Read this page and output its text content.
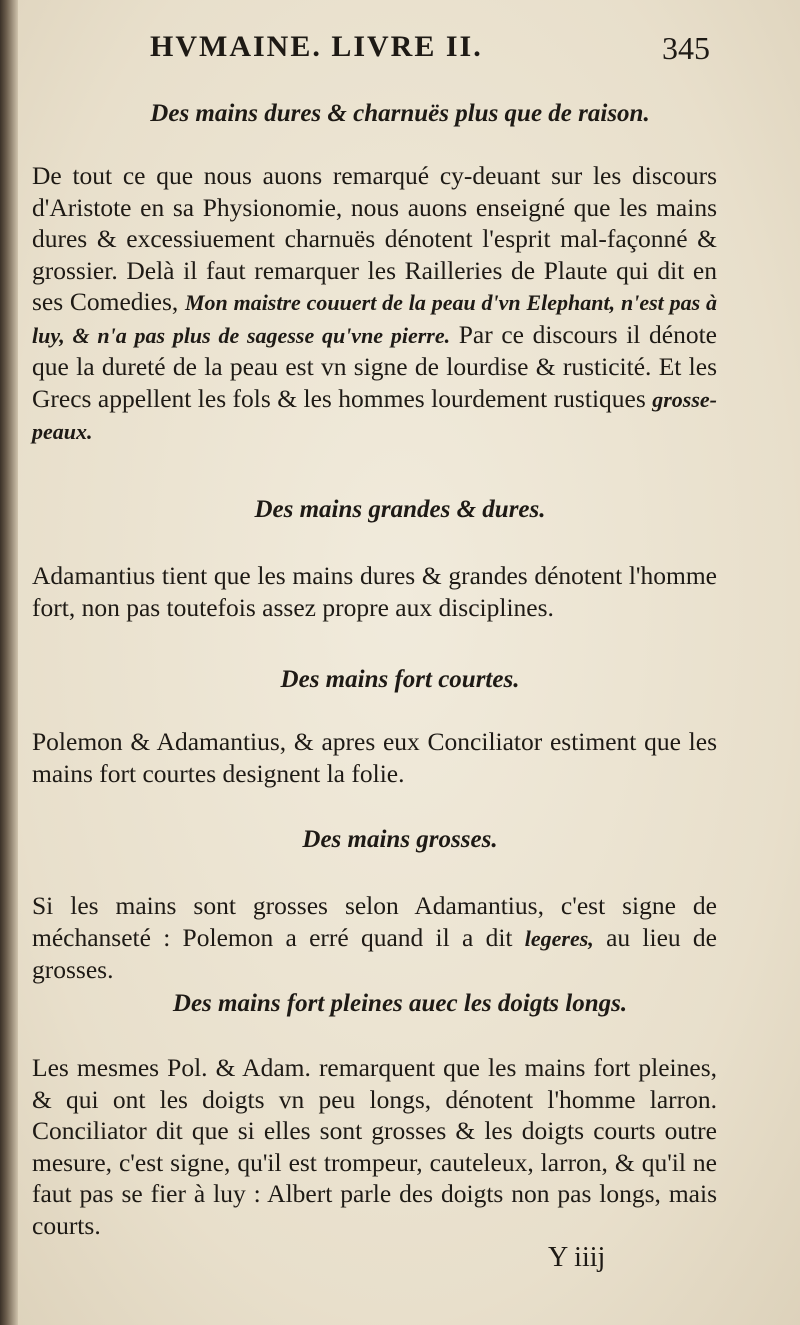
HVMAINE. LIVRE II.	345
Des mains dures & charnuës plus que de raison.
De tout ce que nous auons remarqué cy-deuant sur les discours d'Aristote en sa Physionomie, nous auons enseigné que les mains dures & excessiuement charnuës dénotent l'esprit mal-façonné & grossier. Delà il faut remarquer les Railleries de Plaute qui dit en ses Comedies, Mon maistre couuert de la peau d'vn Elephant, n'est pas à luy, & n'a pas plus de sagesse qu'vne pierre. Par ce discours il dénote que la dureté de la peau est vn signe de lourdise & rusticité. Et les Grecs appellent les fols & les hommes lourdement rustiques grosse-peaux.
Des mains grandes & dures.
Adamantius tient que les mains dures & grandes dénotent l'homme fort, non pas toutefois assez propre aux disciplines.
Des mains fort courtes.
Polemon & Adamantius, & apres eux Conciliator estiment que les mains fort courtes designent la folie.
Des mains grosses.
Si les mains sont grosses selon Adamantius, c'est signe de méchanseté : Polemon a erré quand il a dit legeres, au lieu de grosses.
Des mains fort pleines auec les doigts longs.
Les mesmes Pol. & Adam. remarquent que les mains fort pleines, & qui ont les doigts vn peu longs, dénotent l'homme larron. Conciliator dit que si elles sont grosses & les doigts courts outre mesure, c'est signe, qu'il est trompeur, cauteleux, larron, & qu'il ne faut pas se fier à luy : Albert parle des doigts non pas longs, mais courts.
Y iiij
